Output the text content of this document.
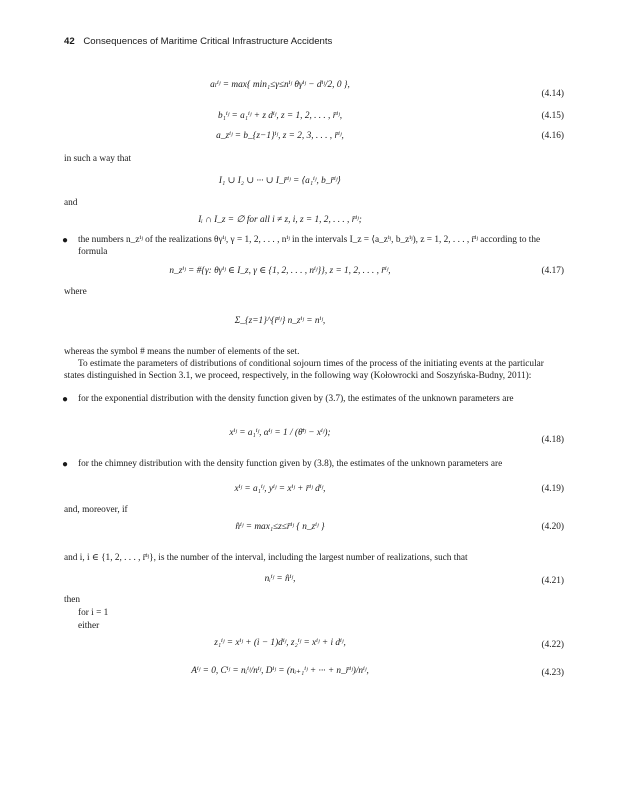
42 Consequences of Maritime Critical Infrastructure Accidents
aₗⁱʲ = max{ min₁≤γ≤nⁱʲ θγⁱʲ − dⁱʲ/2, 0 },
(4.14)
b₁ⁱʲ = a₁ⁱʲ + z dⁱʲ, z = 1, 2, . . . , r̄ⁱʲ,	(4.15)
a_zⁱʲ = b_{z−1}ⁱʲ, z = 2, 3, . . . , r̄ⁱʲ,	(4.16)
in such a way that
I₁ ∪ I₂ ∪ ··· ∪ I_r̄ⁱʲ = ⟨a₁ⁱʲ, b_r̄ⁱʲ⟩
and
Iᵢ ∩ I_z = ∅ for all i ≠ z, i, z = 1, 2, . . . , r̄ⁱʲ;
● the numbers n_zⁱʲ of the realizations θγⁱʲ, γ = 1, 2, . . . , nⁱʲ in the intervals I_z = ⟨a_zⁱʲ, b_zⁱʲ), z = 1, 2, . . . , r̄ⁱʲ according to the formula
n_zⁱʲ = #{γ: θγⁱʲ ∈ I_z, γ ∈ {1, 2, . . . , nⁱʲ}}, z = 1, 2, . . . , r̄ⁱʲ,	(4.17)
where
Σ_{z=1}^{r̄ⁱʲ} n_zⁱʲ = nⁱʲ,
whereas the symbol # means the number of elements of the set.
To estimate the parameters of distributions of conditional sojourn times of the process of the initiating events at the particular states distinguished in Section 3.1, we proceed, respectively, in the following way (Kołowrocki and Soszyńska-Budny, 2011):
● for the exponential distribution with the density function given by (3.7), the estimates of the unknown parameters are
xⁱʲ = a₁ⁱʲ, αⁱʲ = 1 / (θ̄ⁱʲ − xⁱʲ);
(4.18)
● for the chimney distribution with the density function given by (3.8), the estimates of the unknown parameters are
xⁱʲ = a₁ⁱʲ, yⁱʲ = xⁱʲ + r̄ⁱʲ dⁱʲ,	(4.19)
and, moreover, if
n̂ⁱʲ = max₁≤z≤r̄ⁱʲ { n_zⁱʲ }	(4.20)
and i, i ∈ {1, 2, . . . , r̄ⁱʲ}, is the number of the interval, including the largest number of realizations, such that
nᵢⁱʲ = n̂ⁱʲ,	(4.21)
then
for i = 1
either
z₁ⁱʲ = xⁱʲ + (i − 1)dⁱʲ, z₂ⁱʲ = xⁱʲ + i dⁱʲ,	(4.22)
Aⁱʲ = 0, Cⁱʲ = nᵢⁱʲ/nⁱʲ, Dⁱʲ = (nᵢ₊₁ⁱʲ + ··· + n_r̄ⁱʲ)/nⁱʲ,	(4.23)
